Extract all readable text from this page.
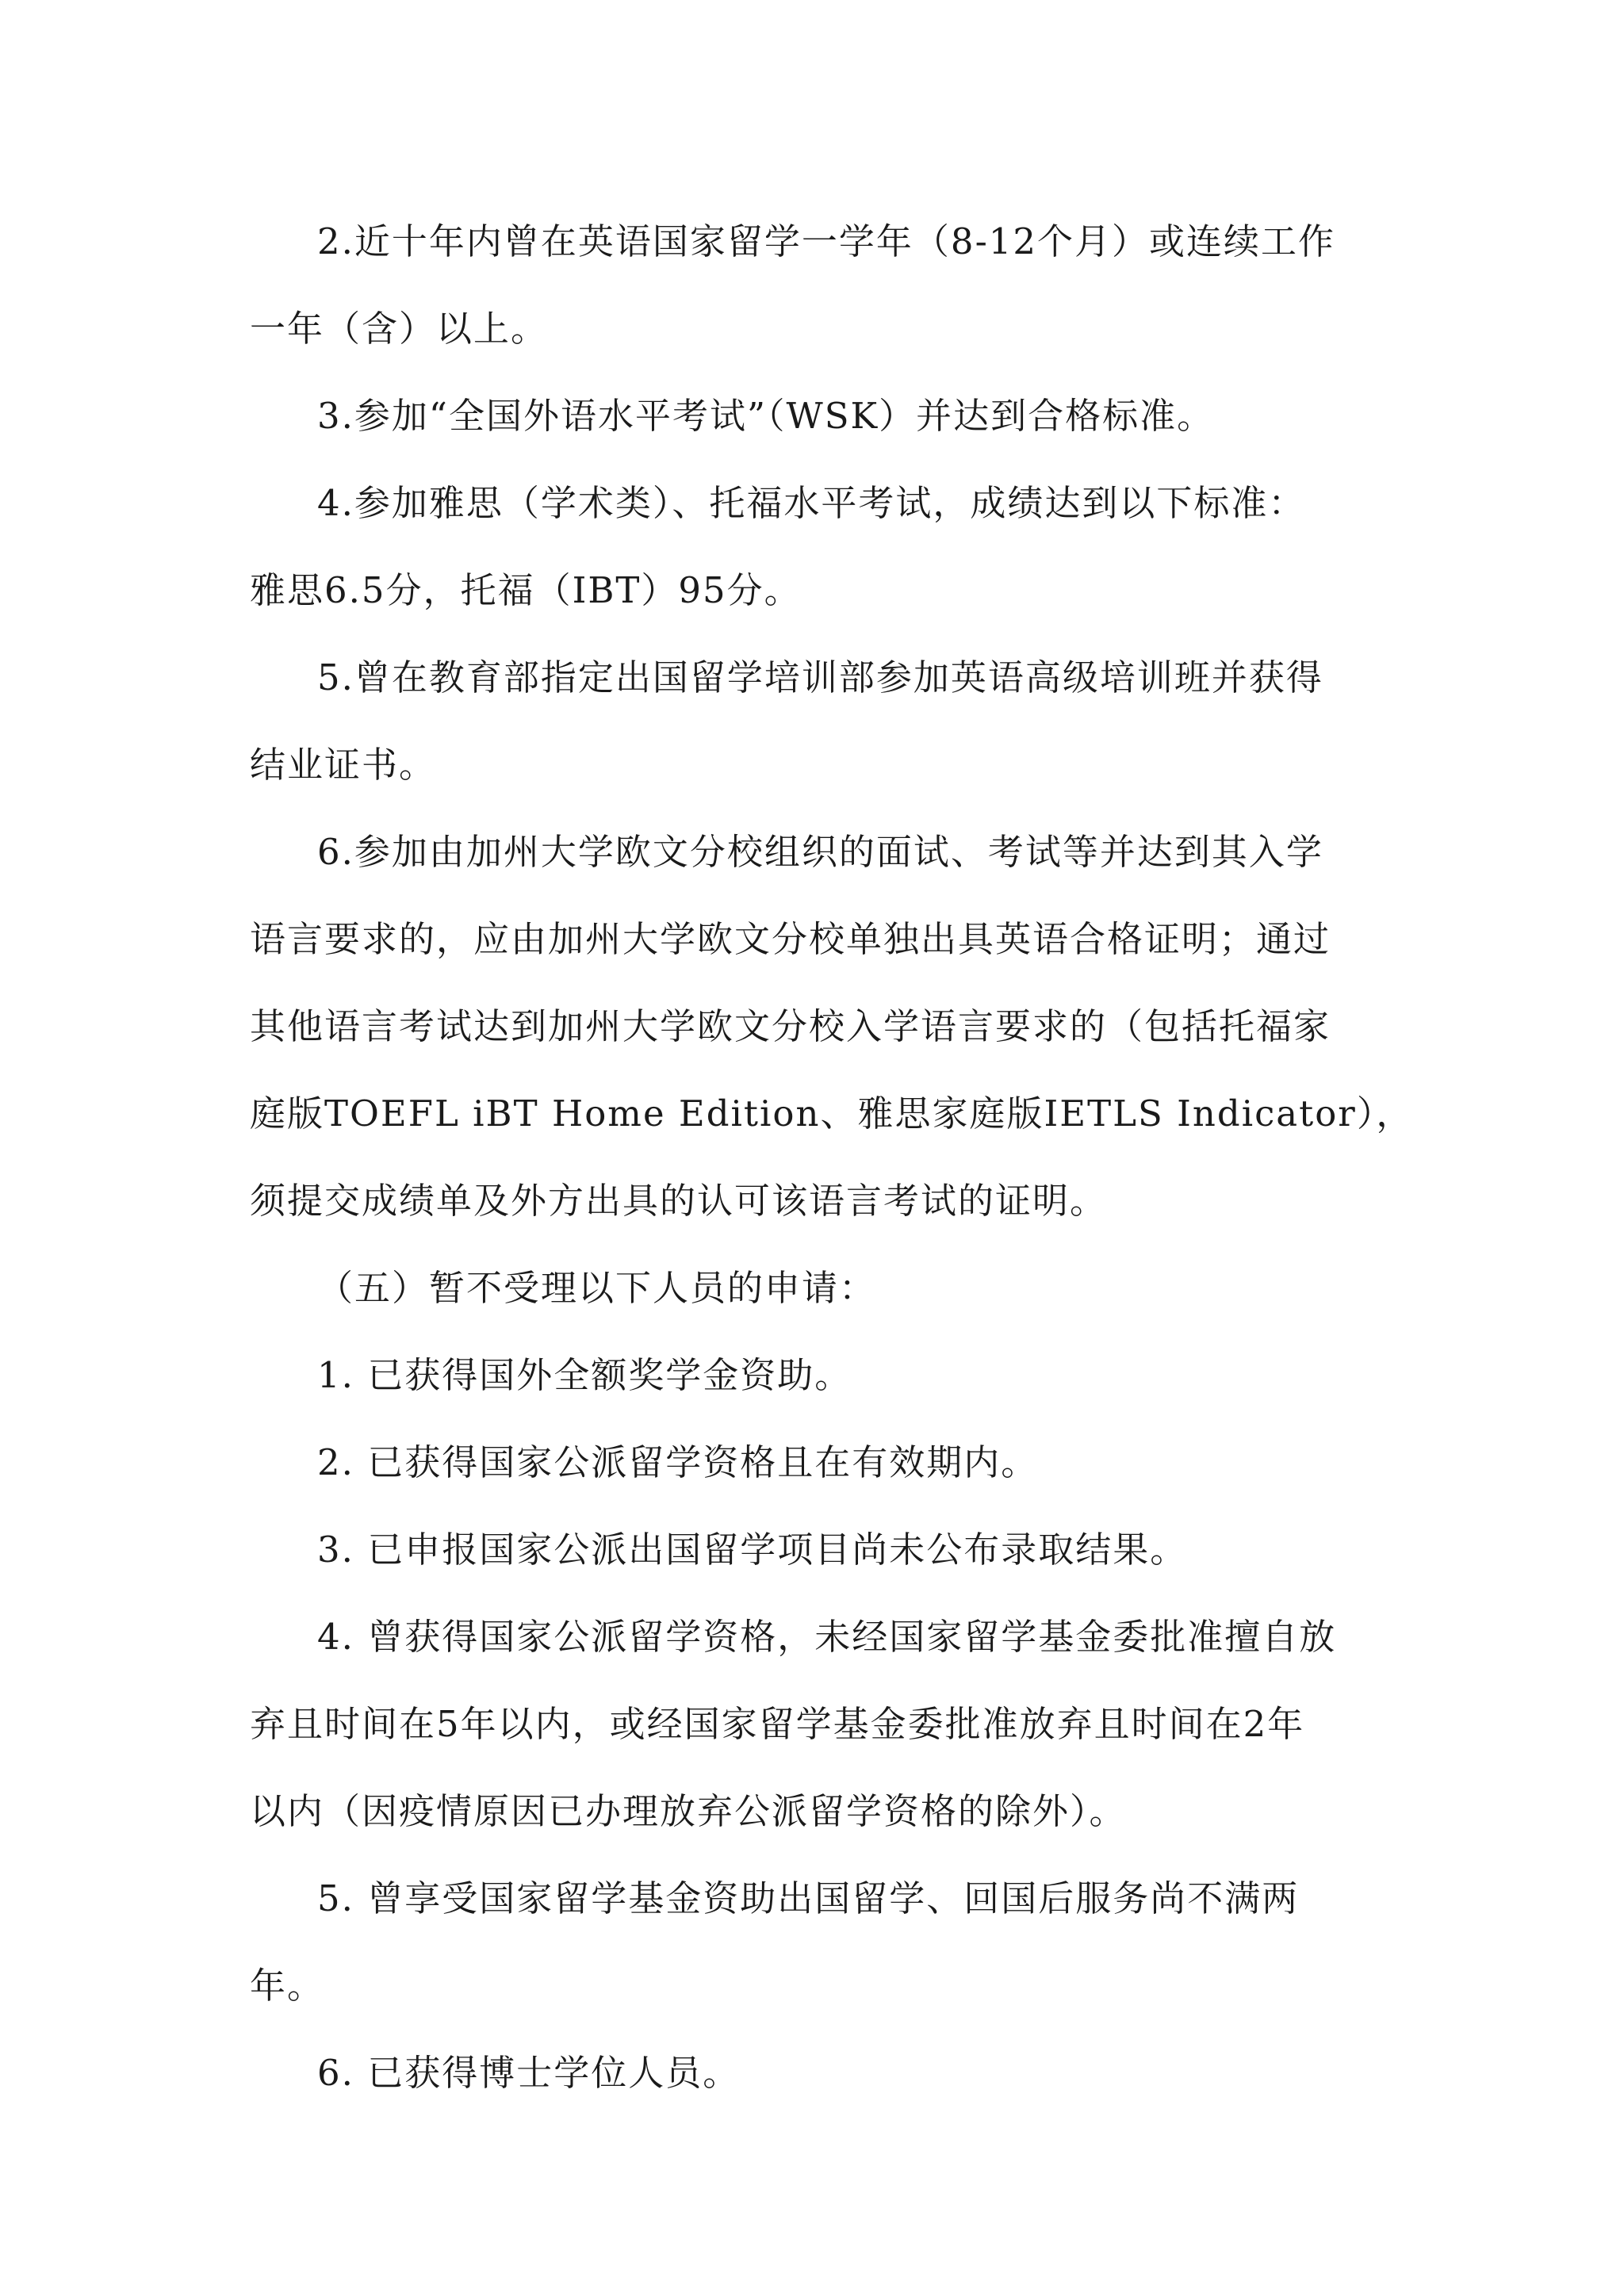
2.近十年内曾在英语国家留学一学年（8-12个月）或连续工作
一年（含）以上。
3.参加“全国外语水平考试”（WSK）并达到合格标准。
4.参加雅思（学术类）、托福水平考试，成绩达到以下标准：
雅思6.5分，托福（IBT）95分。
5.曾在教育部指定出国留学培训部参加英语高级培训班并获得
结业证书。
6.参加由加州大学欧文分校组织的面试、考试等并达到其入学
语言要求的，应由加州大学欧文分校单独出具英语合格证明；通过
其他语言考试达到加州大学欧文分校入学语言要求的（包括托福家
庭版TOEFL iBT Home Edition、雅思家庭版IETLS Indicator），
须提交成绩单及外方出具的认可该语言考试的证明。
（五）暂不受理以下人员的申请：
1. 已获得国外全额奖学金资助。
2. 已获得国家公派留学资格且在有效期内。
3. 已申报国家公派出国留学项目尚未公布录取结果。
4. 曾获得国家公派留学资格，未经国家留学基金委批准擅自放
弃且时间在5年以内，或经国家留学基金委批准放弃且时间在2年
以内（因疫情原因已办理放弃公派留学资格的除外）。
5. 曾享受国家留学基金资助出国留学、回国后服务尚不满两
年。
6. 已获得博士学位人员。
